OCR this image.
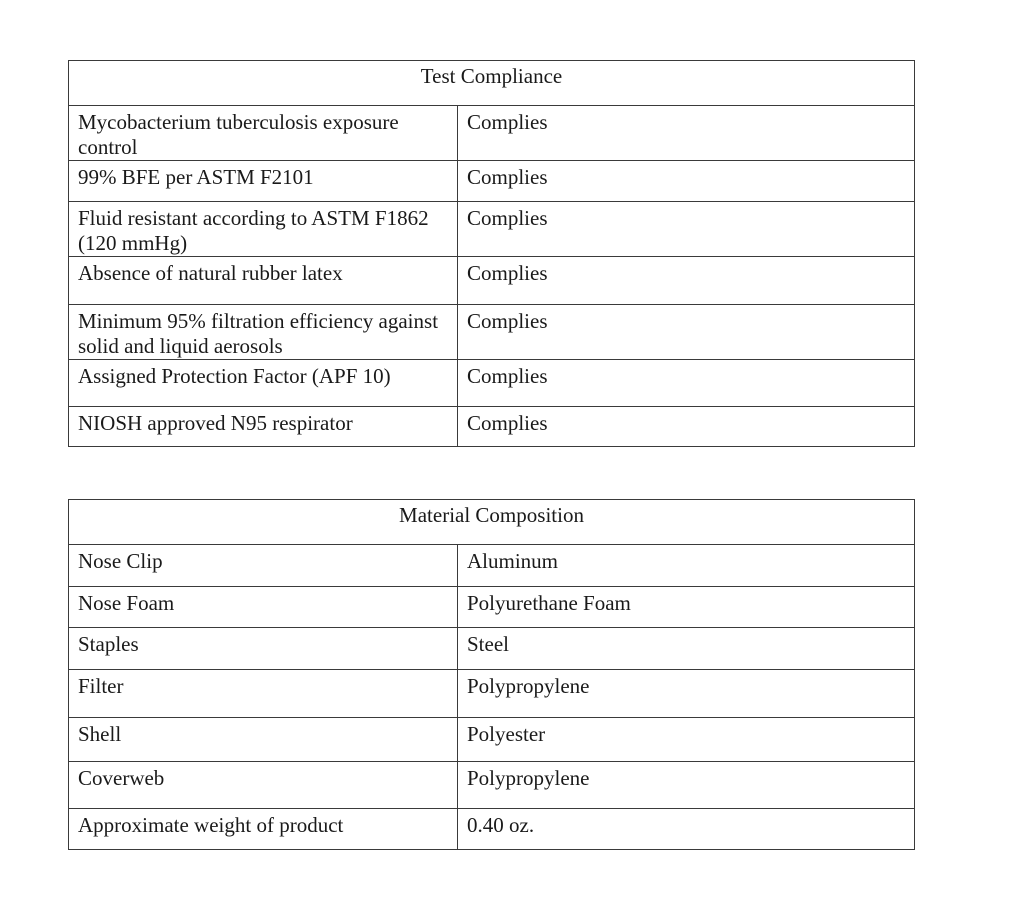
Test Compliance	
Mycobacterium tuberculosis exposure control	Complies
99% BFE per ASTM F2101	Complies
Fluid resistant according to ASTM F1862 (120 mmHg)	Complies
Absence of natural rubber latex	Complies
Minimum 95% filtration efficiency against solid and liquid aerosols	Complies
Assigned Protection Factor (APF 10)	Complies
NIOSH approved N95 respirator	Complies
Material Composition	
Nose Clip	Aluminum
Nose Foam	Polyurethane Foam
Staples	Steel
Filter	Polypropylene
Shell	Polyester
Coverweb	Polypropylene
Approximate weight of product	0.40 oz.
